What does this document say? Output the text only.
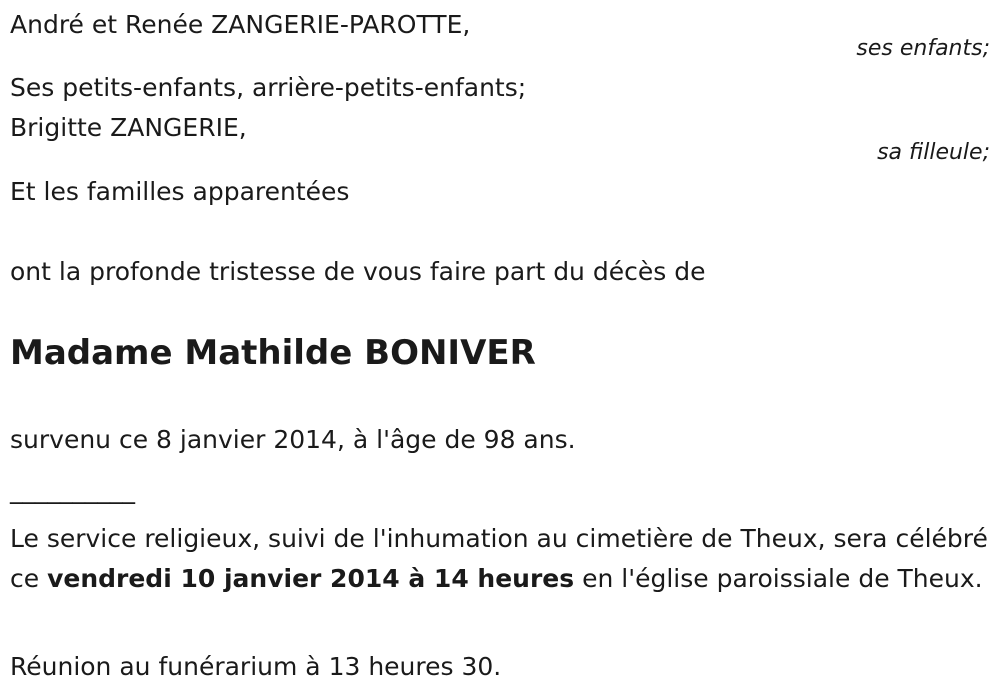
André et Renée ZANGERIE-PAROTTE,
ses enfants;
Ses petits-enfants, arrière-petits-enfants;
Brigitte ZANGERIE,
sa filleule;
Et les familles apparentées
ont la profonde tristesse de vous faire part du décès de
Madame Mathilde BONIVER
survenu ce 8 janvier 2014, à l'âge de 98 ans.
__________
Le service religieux, suivi de l'inhumation au cimetière de Theux, sera célébré ce vendredi 10 janvier 2014 à 14 heures en l'église paroissiale de Theux.
Réunion au funérarium à 13 heures 30.
